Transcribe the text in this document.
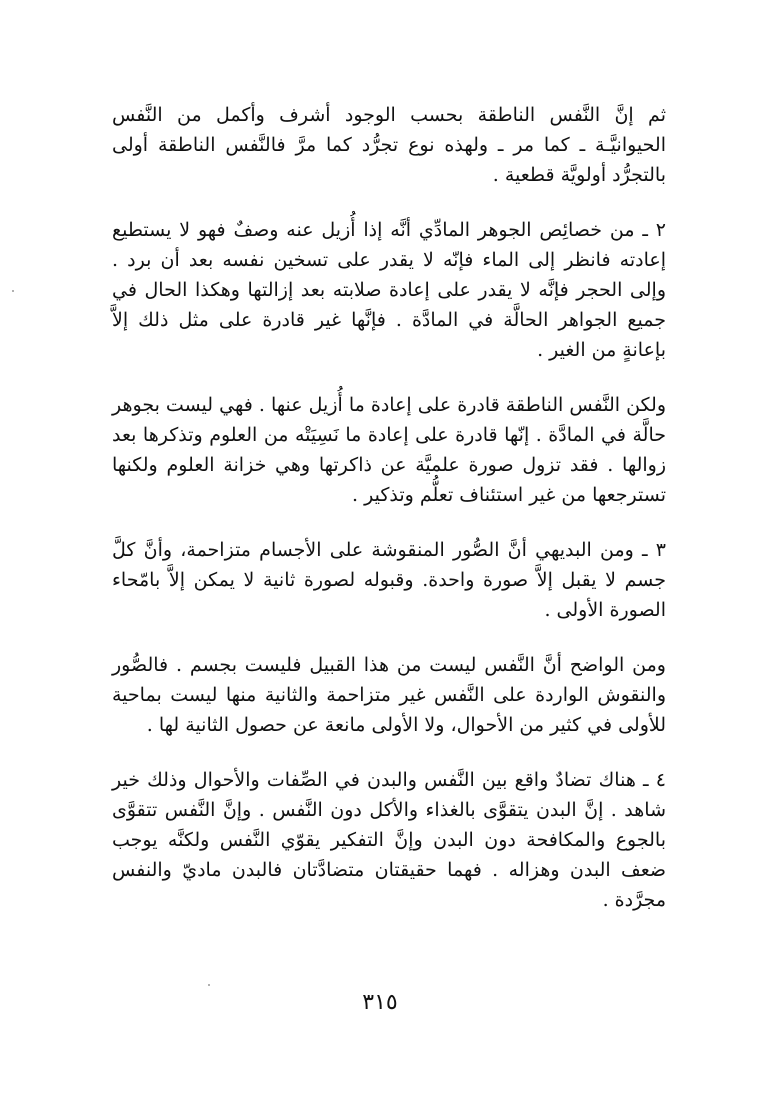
ثم إنَّ النَّفس الناطقة بحسب الوجود أشرف وأكمل من النَّفس الحيوانيَّـة ـ كما مر ـ ولهذه نوع تجرُّد كما مرَّ فالنَّفس الناطقة أولى بالتجرُّد أولويَّة قطعية .

٢ ـ من خصائِص الجوهر المادِّي أنَّه إذا أُزيل عنه وصفٌ فهو لا يستطيع إعادته فانظر إلى الماء فإنّه لا يقدر على تسخين نفسه بعد أن برد . وإلى الحجر فإنَّه لا يقدر على إعادة صلابته بعد إزالتها وهكذا الحال في جميع الجواهر الحالَّة في المادَّة . فإنَّها غير قادرة على مثل ذلك إلاَّ بإعانةٍ من الغير .

ولكن النَّفس الناطقة قادرة على إعادة ما أُزيل عنها . فهي ليست بجوهر حالَّة في المادَّة . إنّها قادرة على إعادة ما نَسِيَتْه من العلوم وتذكرها بعد زوالها . فقد تزول صورة علميَّة عن ذاكرتها وهي خزانة العلوم ولكنها تسترجعها من غير استئناف تعلُّم وتذكير .

٣ ـ ومن البديهي أنَّ الصُّور المنقوشة على الأجسام متزاحمة، وأنَّ كلَّ جسم لا يقبل إلاَّ صورة واحدة. وقبوله لصورة ثانية لا يمكن إلاَّ بامّحاء الصورة الأولى .

ومن الواضح أنَّ النَّفس ليست من هذا القبيل فليست بجسم . فالصُّور والنقوش الواردة على النَّفس غير متزاحمة والثانية منها ليست بماحية للأولى في كثير من الأحوال، ولا الأولى مانعة عن حصول الثانية لها .

٤ ـ هناك تضادٌ واقع بين النَّفس والبدن في الصِّفات والأحوال وذلك خير شاهد . إنَّ البدن يتقوَّى بالغذاء والأكل دون النَّفس . وإنَّ النَّفس تتقوَّى بالجوع والمكافحة دون البدن وإنَّ التفكير يقوّي النَّفس ولكنَّه يوجب ضعف البدن وهزاله . فهما حقيقتان متضادَّتان فالبدن ماديّ والنفس مجرَّدة .

٣١٥
